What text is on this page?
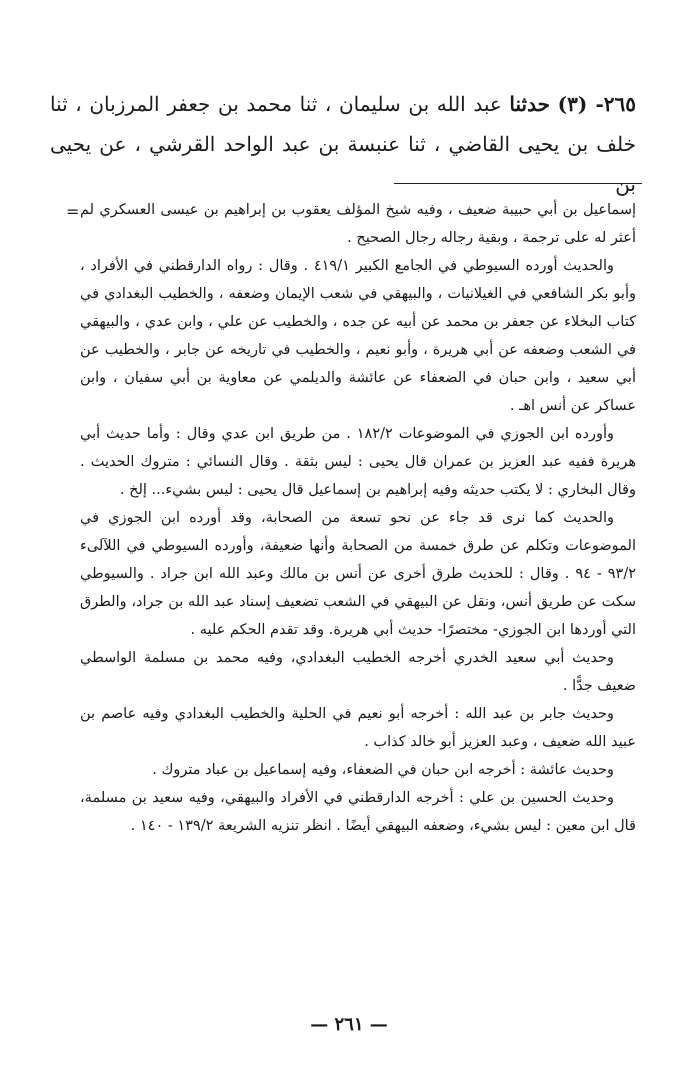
٢٦٥- (٣) حدثنا عبد الله بن سليمان ، ثنا محمد بن جعفر المرزبان ، ثنا خلف بن يحيى القاضي ، ثنا عنبسة بن عبد الواحد القرشي ، عن يحيى بن
= إسماعيل بن أبي حبيبة ضعيف ، وفيه شيخ المؤلف يعقوب بن إبراهيم بن عيسى العسكري لم أعثر له على ترجمة ، وبقية رجاله رجال الصحيح .

والحديث أورده السيوطي في الجامع الكبير ٤١٩/١ . وقال : رواه الدارقطني في الأفراد ، وأبو بكر الشافعي في الغيلانيات ، والبيهقي في شعب الإيمان وضعفه ، والخطيب البغدادي في كتاب البخلاء عن جعفر بن محمد عن أبيه عن جده ، والخطيب عن علي ، وابن عدي ، والبيهقي في الشعب وضعفه عن أبي هريرة ، وأبو نعيم ، والخطيب في تاريخه عن جابر ، والخطيب عن أبي سعيد ، وابن حبان في الضعفاء عن عائشة والديلمي عن معاوية بن أبي سفيان ، وابن عساكر عن أنس اهـ .

وأورده ابن الجوزي في الموضوعات ١٨٢/٢ . من طريق ابن عدي وقال : وأما حديث أبي هريرة ففيه عبد العزيز بن عمران قال يحيى : ليس بثقة . وقال النسائي : متروك الحديث . وقال البخاري : لا يكتب حديثه وفيه إبراهيم بن إسماعيل قال يحيى : ليس بشيء... إلخ .

والحديث كما نرى قد جاء عن نحو تسعة من الصحابة، وقد أورده ابن الجوزي في الموضوعات وتكلم عن طرق خمسة من الصحابة وأنها ضعيفة، وأورده السيوطي في اللآلىء ٩٣/٢ - ٩٤ . وقال : للحديث طرق أخرى عن أنس بن مالك وعبد الله ابن جراد . والسيوطي سكت عن طريق أنس، ونقل عن البيهقي في الشعب تضعيف إسناد عبد الله بن جراد، والطرق التي أوردها ابن الجوزي- مختصرًا- حديث أبي هريرة. وقد تقدم الحكم عليه .

وحديث أبي سعيد الخدري أخرجه الخطيب البغدادي، وفيه محمد بن مسلمة الواسطي ضعيف جدًّا .

وحديث جابر بن عبد الله : أخرجه أبو نعيم في الحلية والخطيب البغدادي وفيه عاصم بن عبيد الله ضعيف ، وعبد العزيز أبو خالد كذاب .

وحديث عائشة : أخرجه ابن حبان في الضعفاء، وفيه إسماعيل بن عباد متروك .

وحديث الحسين بن علي : أخرجه الدارقطني في الأفراد والبيهقي، وفيه سعيد بن مسلمة، قال ابن معين : ليس بشيء، وضعفه البيهقي أيضًا . انظر تنزيه الشريعة ١٣٩/٢ - ١٤٠ .

— ٢٦١ —
